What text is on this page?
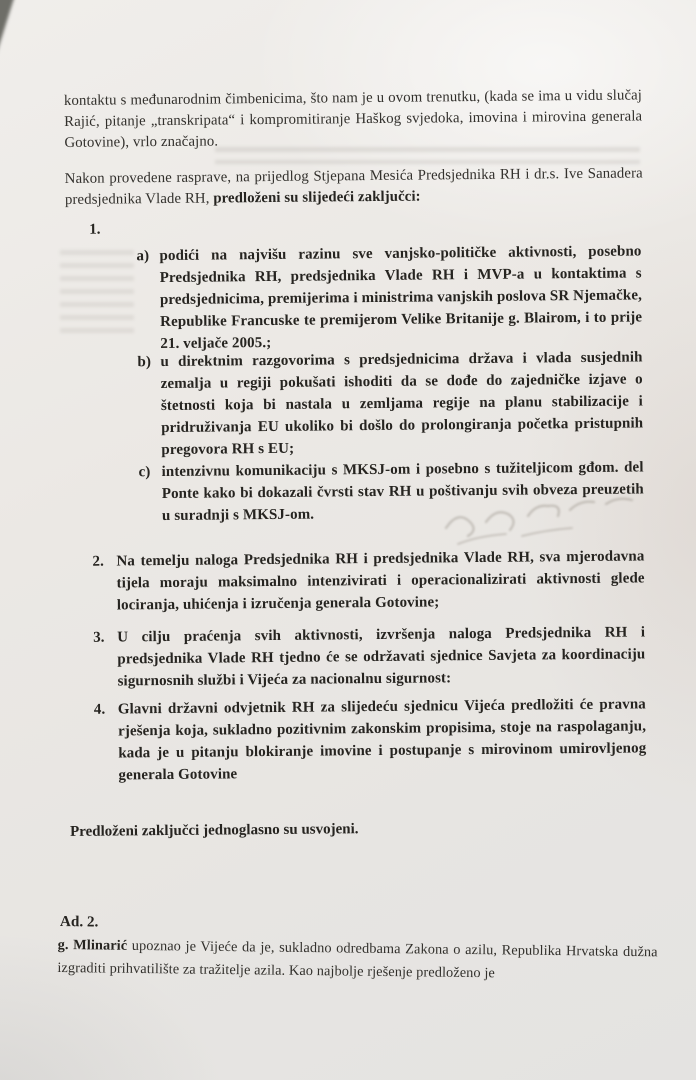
kontaktu s međunarodnim čimbenicima, što nam je u ovom trenutku, (kada se ima u vidu slučaj Rajić, pitanje „transkripata“ i kompromitiranje Haškog svjedoka, imovina i mirovina generala Gotovine), vrlo značajno.
Nakon provedene rasprave, na prijedlog Stjepana Mesića Predsjednika RH i dr.s. Ive Sanadera predsjednika Vlade RH, predloženi su slijedeći zaključci:
1.
a) podići na najvišu razinu sve vanjsko-političke aktivnosti, posebno Predsjednika RH, predsjednika Vlade RH i MVP-a u kontaktima s predsjednicima, premijerima i ministrima vanjskih poslova SR Njemačke, Republike Francuske te premijerom Velike Britanije g. Blairom, i to prije 21. veljače 2005.;
b) u direktnim razgovorima s predsjednicima država i vlada susjednih zemalja u regiji pokušati ishoditi da se dođe do zajedničke izjave o štetnosti koja bi nastala u zemljama regije na planu stabilizacije i pridruživanja EU ukoliko bi došlo do prolongiranja početka pristupnih pregovora RH s EU;
c) intenzivnu komunikaciju s MKSJ-om i posebno s tužiteljicom gđom. del Ponte kako bi dokazali čvrsti stav RH u poštivanju svih obveza preuzetih u suradnji s MKSJ-om.
2. Na temelju naloga Predsjednika RH i predsjednika Vlade RH, sva mjerodavna tijela moraju maksimalno intenzivirati i operacionalizirati aktivnosti glede lociranja, uhićenja i izručenja generala Gotovine;
3. U cilju praćenja svih aktivnosti, izvršenja naloga Predsjednika RH i predsjednika Vlade RH tjedno će se održavati sjednice Savjeta za koordinaciju sigurnosnih službi i Vijeća za nacionalnu sigurnost:
4. Glavni državni odvjetnik RH za slijedeću sjednicu Vijeća predložiti će pravna rješenja koja, sukladno pozitivnim zakonskim propisima, stoje na raspolaganju, kada je u pitanju blokiranje imovine i postupanje s mirovinom umirovljenog generala Gotovine
Predloženi zaključci jednoglasno su usvojeni.
Ad. 2.
g. Mlinarić upoznao je Vijeće da je, sukladno odredbama Zakona o azilu, Republika Hrvatska dužna izgraditi prihvatilište za tražitelje azila. Kao najbolje rješenje predloženo je
